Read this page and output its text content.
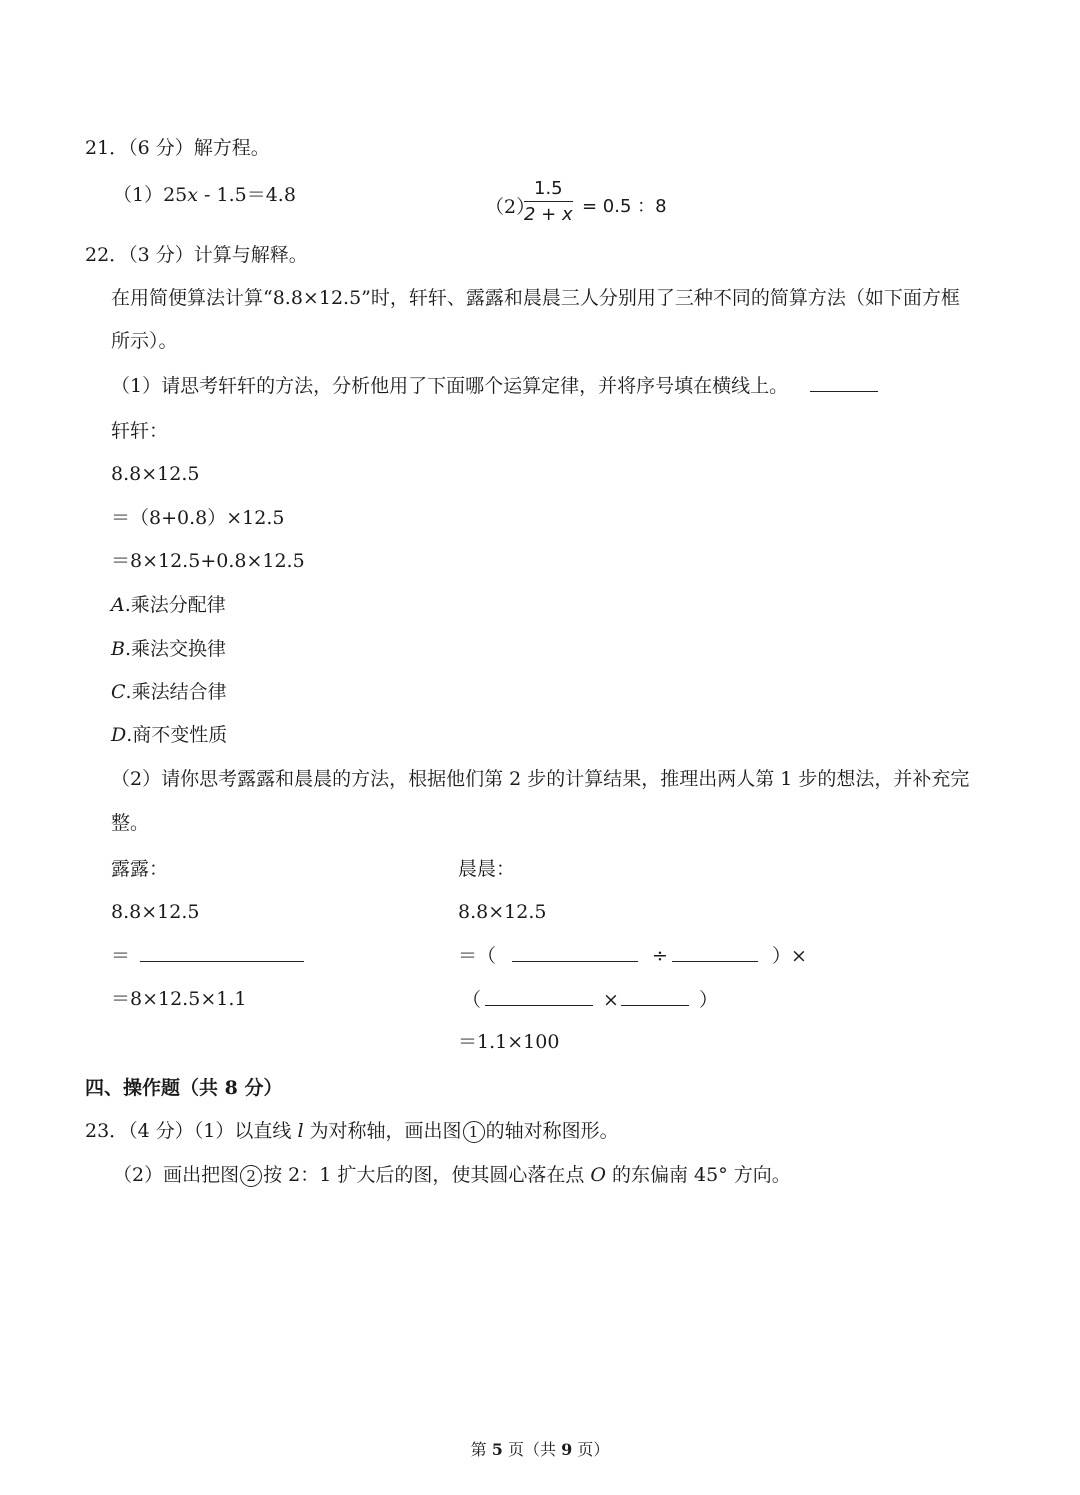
21．（6 分）解方程。
（1）25x - 1.5＝4.8
（2）
$\frac{1.5}{2 + x} = 0.5$ ：8
22．（3 分）计算与解释。
在用简便算法计算“8.8×12.5”时，轩轩、露露和晨晨三人分别用了三种不同的简算方法（如下面方框
所示）。
（1）请思考轩轩的方法，分析他用了下面哪个运算定律，并将序号填在横线上。
轩轩：
8.8×12.5
＝（8+0.8）×12.5
＝8×12.5+0.8×12.5
A.乘法分配律
B.乘法交换律
C.乘法结合律
D.商不变性质
（2）请你思考露露和晨晨的方法，根据他们第 2 步的计算结果，推理出两人第 1 步的想法，并补充完
整。
露露：
8.8×12.5
＝
＝8×12.5×1.1
晨晨：
8.8×12.5
＝（	÷	）×
（	×	）
＝1.1×100
四、操作题（共 8 分）
23．（4 分）（1）以直线 l 为对称轴，画出图 1 的轴对称图形。
（2）画出把图 2 按 2：1 扩大后的图，使其圆心落在点 O 的东偏南 45° 方向。
第 5 页（共 9 页）
